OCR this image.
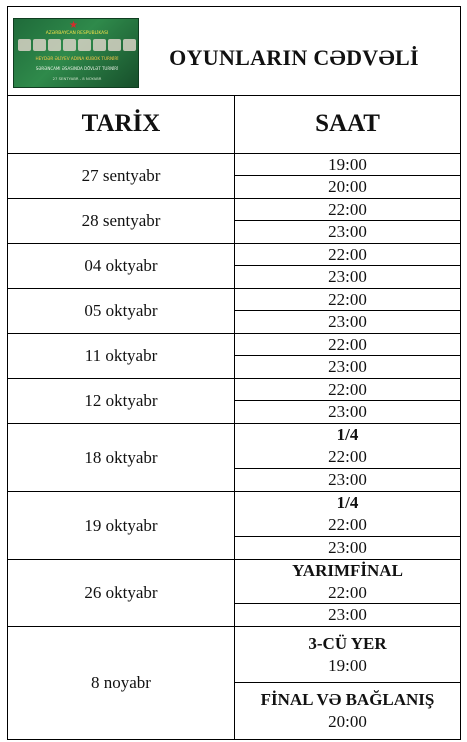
★
AZƏRBAYCAN RESPUBLİKASI
HEYDƏR ƏLİYEV ADINA KUBOK TURNİRİ
SƏRƏNCAMI ƏSASINDA DÖVLƏT TURNİRİ
27 SENTYABR - 8 NOYABR
OYUNLARIN CƏDVƏLİ
TARİX	SAAT
27 sentyabr
19:00
20:00
28 sentyabr
22:00
23:00
04 oktyabr
22:00
23:00
05 oktyabr
22:00
23:00
11 oktyabr
22:00
23:00
12 oktyabr
22:00
23:00
18 oktyabr
1/4
22:00
23:00
19 oktyabr
1/4
22:00
23:00
26 oktyabr
YARIMFİNAL
22:00
23:00
8 noyabr
3-CÜ YER
19:00
FİNAL VƏ BAĞLANIŞ
20:00
